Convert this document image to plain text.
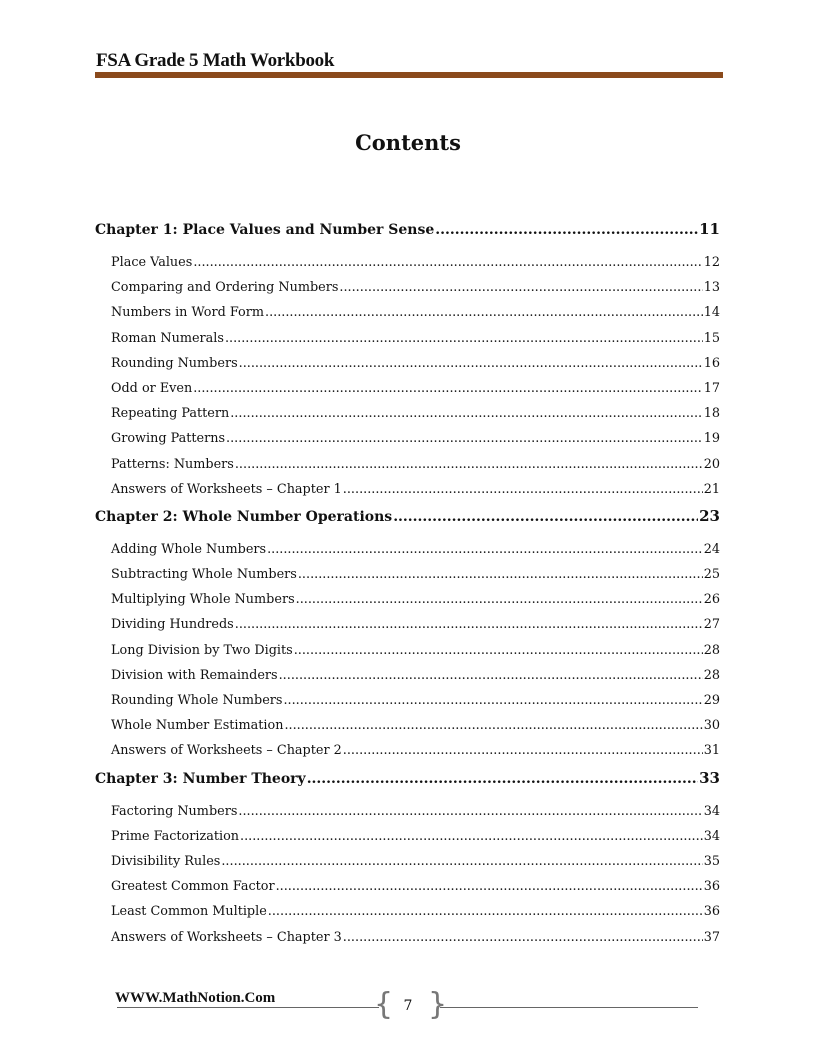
FSA Grade 5 Math Workbook
Contents
Chapter 1: Place Values and Number Sense .....	11
Place Values .....	12
Comparing and Ordering Numbers .....	13
Numbers in Word Form .....	14
Roman Numerals .....	15
Rounding Numbers .....	16
Odd or Even .....	17
Repeating Pattern .....	18
Growing Patterns .....	19
Patterns: Numbers .....	20
Answers of Worksheets – Chapter 1 .....	21
Chapter 2: Whole Number Operations .....	23
Adding Whole Numbers .....	24
Subtracting Whole Numbers .....	25
Multiplying Whole Numbers .....	26
Dividing Hundreds .....	27
Long Division by Two Digits .....	28
Division with Remainders .....	28
Rounding Whole Numbers .....	29
Whole Number Estimation .....	30
Answers of Worksheets – Chapter 2 .....	31
Chapter 3: Number Theory .....	33
Factoring Numbers .....	34
Prime Factorization .....	34
Divisibility Rules .....	35
Greatest Common Factor .....	36
Least Common Multiple .....	36
Answers of Worksheets – Chapter 3 .....	37
WWW.MathNotion.Com	{ }
7
